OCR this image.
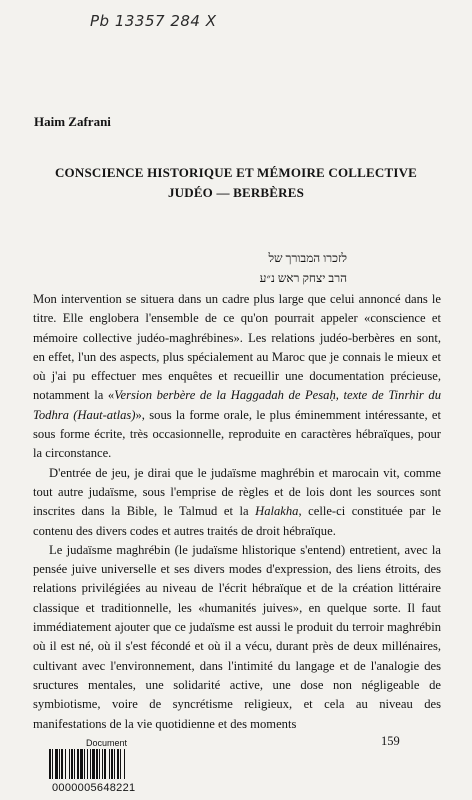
Pb 13357 284 X
Haim Zafrani
CONSCIENCE HISTORIQUE ET MÉMOIRE COLLECTIVE
JUDÉO — BERBÈRES
לזכרו המבורך של
הרב יצחק ראש נ״ע

Mon intervention se situera dans un cadre plus large que celui annoncé dans le titre. Elle englobera l'ensemble de ce qu'on pourrait appeler «conscience et mémoire collective judéo-maghrébines». Les relations judéo-berbères en sont, en effet, l'un des aspects, plus spécialement au Maroc que je connais le mieux et où j'ai pu effectuer mes enquêtes et recueillir une documentation précieuse, notamment la «Version berbère de la Haggadah de Pesaḥ, texte de Tinrhir du Todhra (Haut-atlas)», sous la forme orale, le plus éminemment intéressante, et sous forme écrite, très occasionnelle, reproduite en caractères hébraïques, pour la circonstance.

D'entrée de jeu, je dirai que le judaïsme maghrébin et marocain vit, comme tout autre judaïsme, sous l'emprise de règles et de lois dont les sources sont inscrites dans la Bible, le Talmud et la Halakha, celle-ci constituée par le contenu des divers codes et autres traités de droit hébraïque.

Le judaïsme maghrébin (le judaïsme hlistorique s'entend) entretient, avec la pensée juive universelle et ses divers modes d'expression, des liens étroits, des relations privilégiées au niveau de l'écrit hébraïque et de la création littéraire classique et traditionnelle, les «humanités juives», en quelque sorte. Il faut immédiatement ajouter que ce judaïsme est aussi le produit du terroir maghrébin où il est né, où il s'est fécondé et où il a vécu, durant près de deux millénaires, cultivant avec l'environnement, dans l'intimité du langage et de l'analogie des sructures mentales, une solidarité active, une dose non négligeable de symbiotisme, voire de syncrétisme religieux, et cela au niveau des manifestations de la vie quotidienne et des moments

159
Document
0000005648221
